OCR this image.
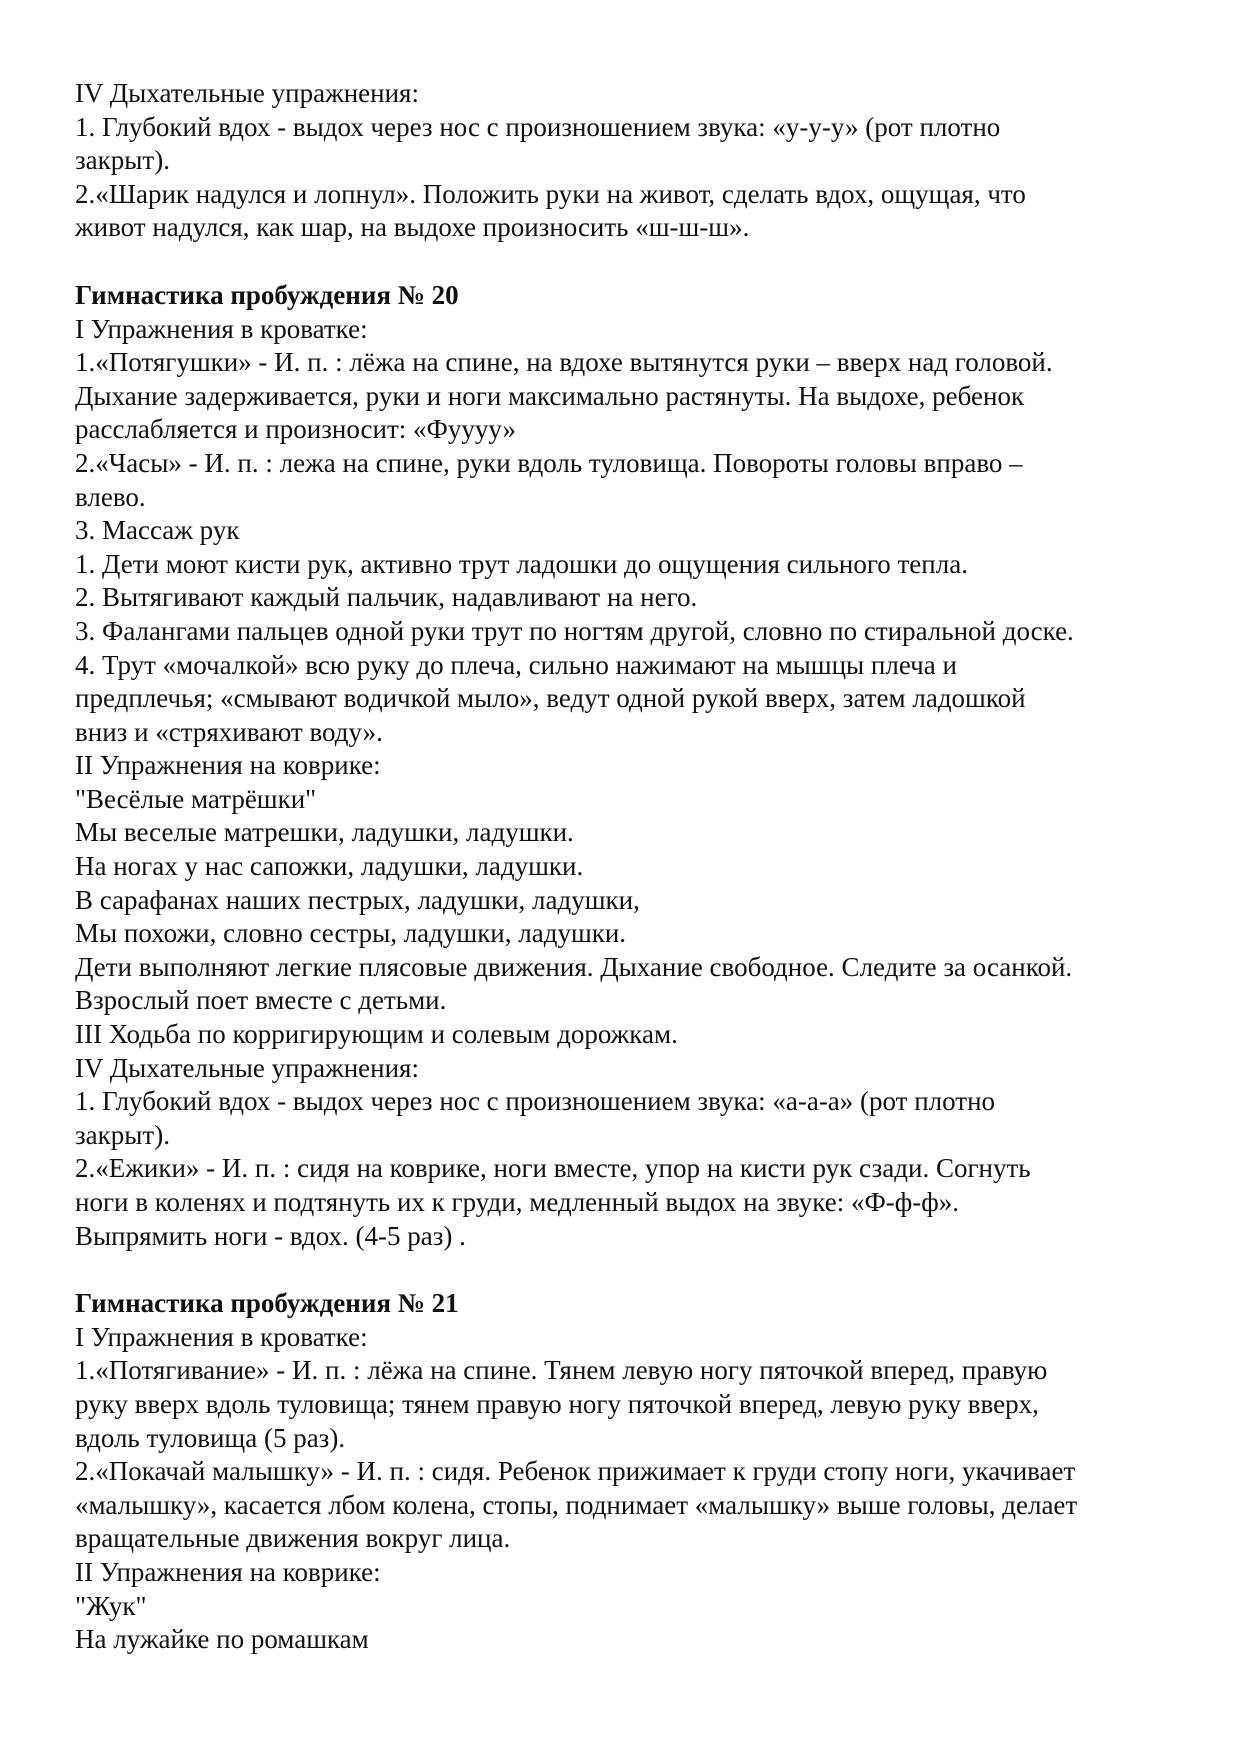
IV Дыхательные упражнения:

1. Глубокий вдох - выдох через нос с произношением звука: «у-у-у» (рот плотно

закрыт).

2.«Шарик надулся и лопнул». Положить руки на живот, сделать вдох, ощущая, что

живот надулся, как шар, на выдохе произносить «ш-ш-ш».

Гимнастика пробуждения № 20

I Упражнения в кроватке:

1.«Потягушки» - И. п. : лёжа на спине, на вдохе вытянутся руки – вверх над головой.

Дыхание задерживается, руки и ноги максимально растянуты. На выдохе, ребенок

расслабляется и произносит: «Фуууу»

2.«Часы» - И. п. : лежа на спине, руки вдоль туловища. Повороты головы вправо –

влево.

3. Массаж рук

1. Дети моют кисти рук, активно трут ладошки до ощущения сильного тепла.

2. Вытягивают каждый пальчик, надавливают на него.

3. Фалангами пальцев одной руки трут по ногтям другой, словно по стиральной доске.

4. Трут «мочалкой» всю руку до плеча, сильно нажимают на мышцы плеча и

предплечья; «смывают водичкой мыло», ведут одной рукой вверх, затем ладошкой

вниз и «стряхивают воду».

II Упражнения на коврике:

"Весёлые матрёшки"

Мы веселые матрешки, ладушки, ладушки.

На ногах у нас сапожки, ладушки, ладушки.

В сарафанах наших пестрых, ладушки, ладушки,

Мы похожи, словно сестры, ладушки, ладушки.

Дети выполняют легкие плясовые движения. Дыхание свободное. Следите за осанкой.

Взрослый поет вместе с детьми.

III Ходьба по корригирующим и солевым дорожкам.

IV Дыхательные упражнения:

1. Глубокий вдох - выдох через нос с произношением звука: «а-а-а» (рот плотно

закрыт).

2.«Ежики» - И. п. : сидя на коврике, ноги вместе, упор на кисти рук сзади. Согнуть

ноги в коленях и подтянуть их к груди, медленный выдох на звуке: «Ф-ф-ф».

Выпрямить ноги - вдох. (4-5 раз) .

Гимнастика пробуждения № 21

I Упражнения в кроватке:

1.«Потягивание» - И. п. : лёжа на спине. Тянем левую ногу пяточкой вперед, правую

руку вверх вдоль туловища; тянем правую ногу пяточкой вперед, левую руку вверх,

вдоль туловища (5 раз).

2.«Покачай малышку» - И. п. : сидя. Ребенок прижимает к груди стопу ноги, укачивает

«малышку», касается лбом колена, стопы, поднимает «малышку» выше головы, делает

вращательные движения вокруг лица.

II Упражнения на коврике:

"Жук"

На лужайке по ромашкам
